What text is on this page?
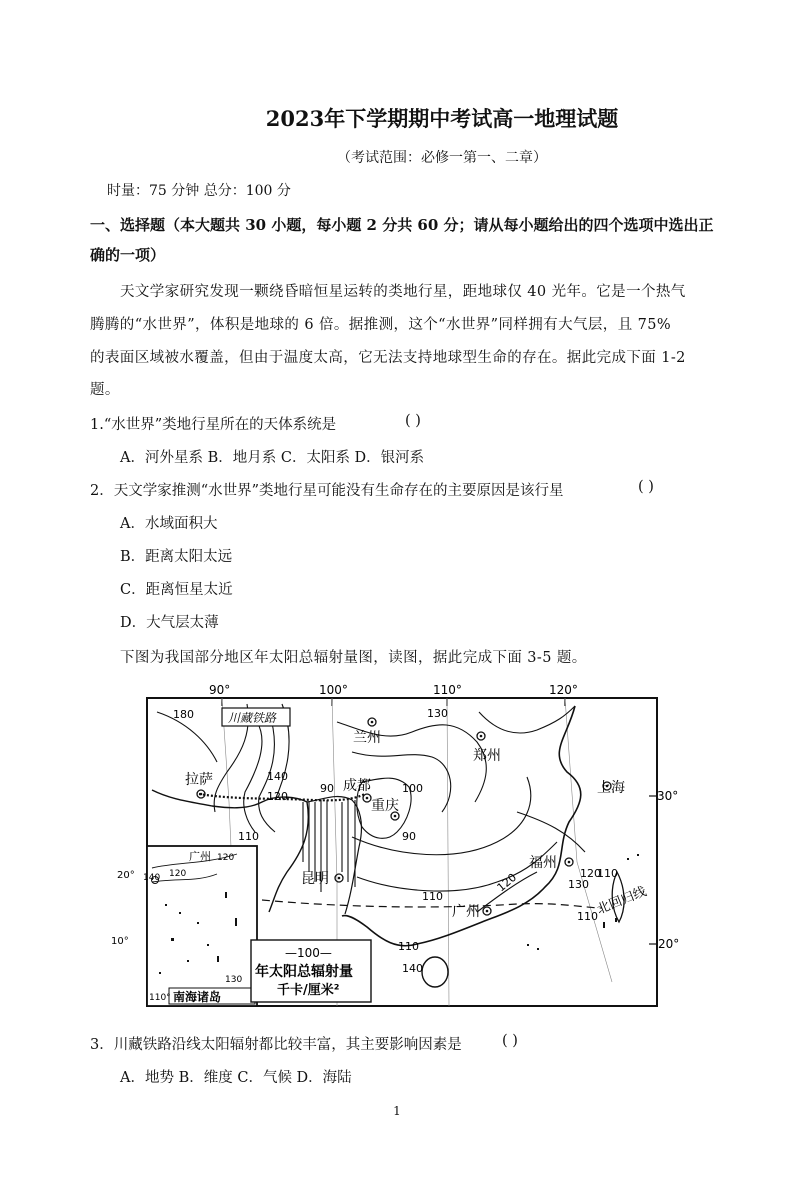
2023年下学期期中考试高一地理试题
（考试范围：必修一第一、二章）
时量：75 分钟 总分：100 分
一、选择题（本大题共 30 小题，每小题 2 分共 60 分；请从每小题给出的四个选项中选出正
确的一项）
天文学家研究发现一颗绕昏暗恒星运转的类地行星，距地球仅 40 光年。它是一个热气
腾腾的“水世界”，体积是地球的 6 倍。据推测，这个“水世界”同样拥有大气层，且 75%
的表面区域被水覆盖，但由于温度太高，它无法支持地球型生命的存在。据此完成下面 1-2
题。
1.“水世界”类地行星所在的天体系统是	( )
A．河外星系 B．地月系 C．太阳系 D．银河系
2．天文学家推测“水世界”类地行星可能没有生命存在的主要原因是该行星	( )
A．水域面积大
B．距离太阳太远
C．距离恒星太近
D．大气层太薄
下图为我国部分地区年太阳总辐射量图，读图，据此完成下面 3-5 题。
90°	100°	110°	120°
30°
20°
180
140
120
110
100
90
90
110
120
130
110
140
120
130
110
110
川藏铁路
兰州
郑州
拉萨	成都
重庆
上海
福州
昆明
广州	北回归线
20°
10°
广州 120
140 120
130
南海诸岛
110°
—100—
年太阳总辐射量
千卡/厘米²
3．川藏铁路沿线太阳辐射都比较丰富，其主要影响因素是	( )
A．地势 B．维度 C．气候 D．海陆
1
